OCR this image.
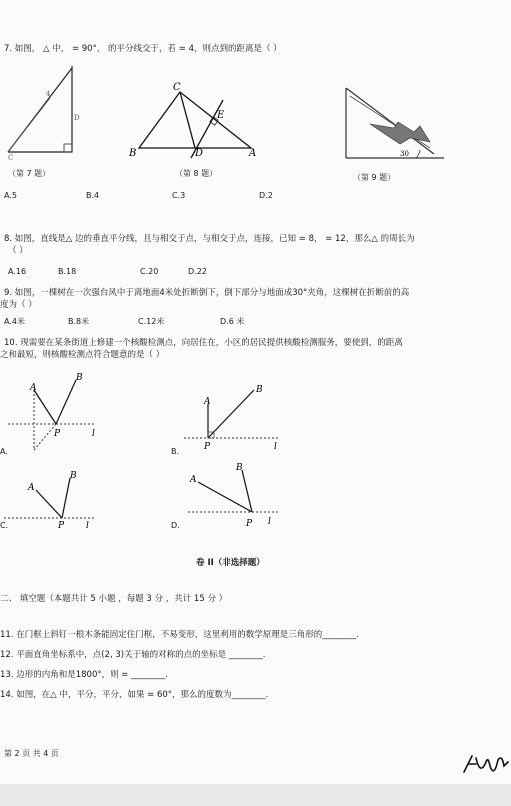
7. 如图， △ 中， = 90°， 的平分线交于，若 = 4，则点到的距离是（ ）
4
D
C
C
E
B	D	A	30
（第 7 题）	（第 8 题）	（第 9 题）
A.5	B.4	C.3	D.2
8. 如图，直线是△ 边的垂直平分线，且与相交于点，与相交于点，连接，已知 = 8， = 12，那么△ 的周长为
（ ）
A.16	B.18	C.20	D.22
9. 如图，一棵树在一次强台风中于离地面4米处折断倒下，倒下部分与地面成30°夹角，这棵树在折断前的高
度为（ ）
A.4米	B.8米	C.12米	D.6 米
10. 现需要在某条街道上修建一个核酸检测点，向居住在，小区的居民提供核酸检测服务，要使到，的距离
之和最短，则核酸检测点符合题意的是（ ）
A
B
P	l
A.
A
B
P	l
B.
A
B
P l
C.
A
B
P l
D.
卷 II（非选择题）
二、 填空题（本题共计 5 小题 ，每题 3 分 ，共计 15 分 ）
11. 在门框上斜钉一根木条能固定住门框，不易变形，这里利用的数学原理是三角形的________.
12. 平面直角坐标系中，点(2, 3)关于轴的对称的点的坐标是 ________.
13. 边形的内角和是1800°，则 = ________.
14. 如图，在△ 中，平分，平分，如果 = 60°，那么的度数为________.
第 2 页 共 4 页
